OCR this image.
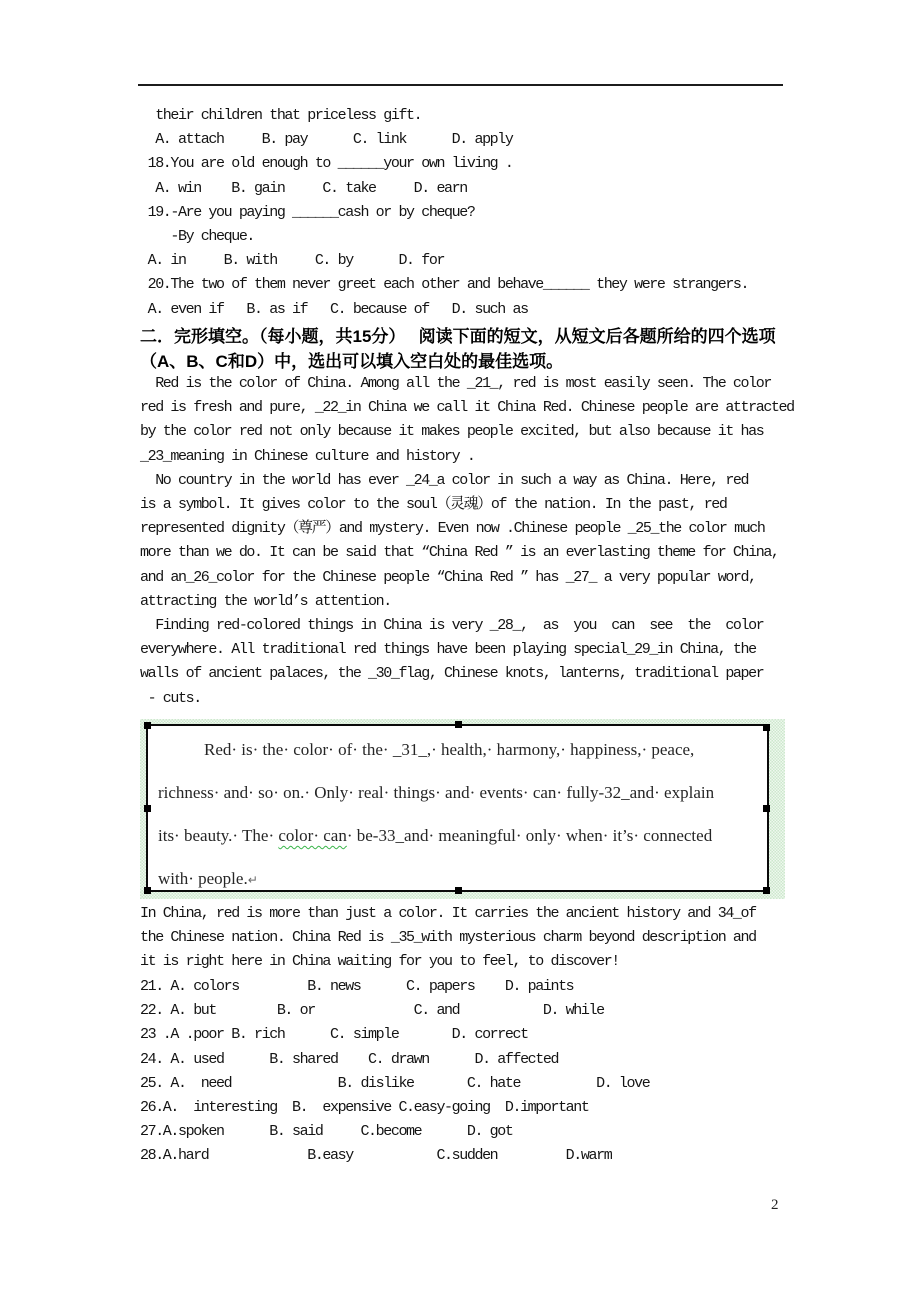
their children that priceless gift.
A. attach     B. pay      C. link      D. apply
18.You are old enough to ______your own living .
A. win    B. gain     C. take     D. earn
19.-Are you paying ______cash or by cheque?
-By cheque.
A. in     B. with     C. by      D. for
20.The two of them never greet each other and behave______ they were strangers.
A. even if   B. as if   C. because of   D. such as
二．完形填空。（每小题，共15分）　 阅读下面的短文，从短文后各题所给的四个选项
（A、B、C和D）中，选出可以填入空白处的最佳选项。
Red is the color of China. Among all the _21_, red is most easily seen. The color
red is fresh and pure, _22_in China we call it China Red. Chinese people are attracted
by the color red not only because it makes people excited, but also because it has
_23_meaning in Chinese culture and history .
No country in the world has ever _24_a color in such a way as China. Here, red
is a symbol. It gives color to the soul（灵魂）of the nation. In the past, red
represented dignity（尊严）and mystery. Even now .Chinese people _25_the color much
more than we do. It can be said that “China Red ” is an everlasting theme for China,
and an_26_color for the Chinese people “China Red ” has _27_ a very popular word,
attracting the world’s attention.
Finding red-colored things in China is very _28_,  as  you  can  see  the  color
everywhere. All traditional red things have been playing special_29_in China, the
walls of ancient palaces, the _30_flag, Chinese knots, lanterns, traditional paper
- cuts.
Red· is· the· color· of· the· _31_,· health,· harmony,· happiness,· peace,
richness· and· so· on.· Only· real· things· and· events· can· fully-32_and· explain
its· beauty.· The· color· can· be-33_and· meaningful· only· when· it’s· connected
with· people.↵
In China, red is more than just a color. It carries the ancient history and 34_of
the Chinese nation. China Red is _35_with mysterious charm beyond description and
it is right here in China waiting for you to feel, to discover!
21. A. colors         B. news      C. papers    D. paints
22. A. but        B. or             C. and           D. while
23 .A .poor B. rich      C. simple       D. correct
24. A. used      B. shared    C. drawn      D. affected
25. A.  need              B. dislike       C. hate          D. love
26.A.  interesting  B.  expensive C.easy-going  D.important
27.A.spoken      B. said     C.become      D. got
28.A.hard             B.easy           C.sudden         D.warm
2
